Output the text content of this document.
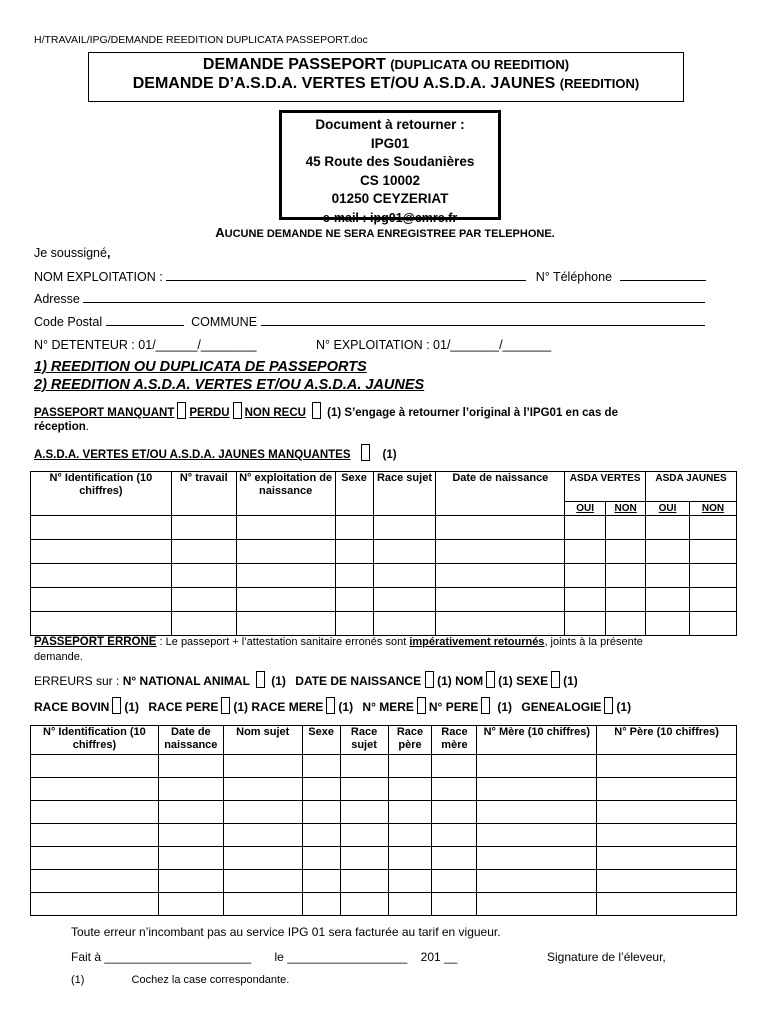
H/TRAVAIL/IPG/DEMANDE REEDITION DUPLICATA PASSEPORT.doc
DEMANDE PASSEPORT (DUPLICATA OU REEDITION)
DEMANDE D’A.S.D.A. VERTES ET/OU A.S.D.A. JAUNES (REEDITION)
Document à retourner :
IPG01
45 Route des Soudanières
CS 10002
01250 CEYZERIAT
e-mail : ipg01@cmre.fr
AUCUNE DEMANDE NE SERA ENREGISTREE PAR TELEPHONE.
Je soussigné,
NOM EXPLOITATION :	N° Téléphone
Adresse
Code Postal	COMMUNE
N° DETENTEUR : 01/______/________	N° EXPLOITATION : 01/_______/_______
1) REEDITION OU DUPLICATA DE PASSEPORTS
2) REEDITION A.S.D.A. VERTES ET/OU A.S.D.A. JAUNES
PASSEPORT MANQUANT PERDU NON RECU (1) S’engage à retourner l’original à l’IPG01 en cas de
réception.
A.S.D.A. VERTES ET/OU A.S.D.A. JAUNES MANQUANTES	(1)
N° Identification (10 chiffres)	N° travail	N° exploitation de naissance	Sexe	Race sujet	Date de naissance	ASDA VERTES		ASDA JAUNES	
						OUI	NON	OUI	NON

PASSEPORT ERRONE : Le passeport + l’attestation sanitaire erronés sont impérativement retournés, joints à la présente
demande.
ERREURS sur : N° NATIONAL ANIMAL (1) DATE DE NAISSANCE (1) NOM (1) SEXE (1)
RACE BOVIN (1) RACE PERE (1) RACE MERE (1) N° MERE N° PERE (1) GENEALOGIE (1)
N° Identification (10 chiffres)	Date de naissance	Nom sujet	Sexe	Race sujet	Race père	Race mère	N° Mère (10 chiffres)	N° Père (10 chiffres)

Toute erreur n’incombant pas au service IPG 01 sera facturée au tarif en vigueur.
Fait à ______________________ le __________________ 201 __	Signature de l’éleveur,
(1)	Cochez la case correspondante.
